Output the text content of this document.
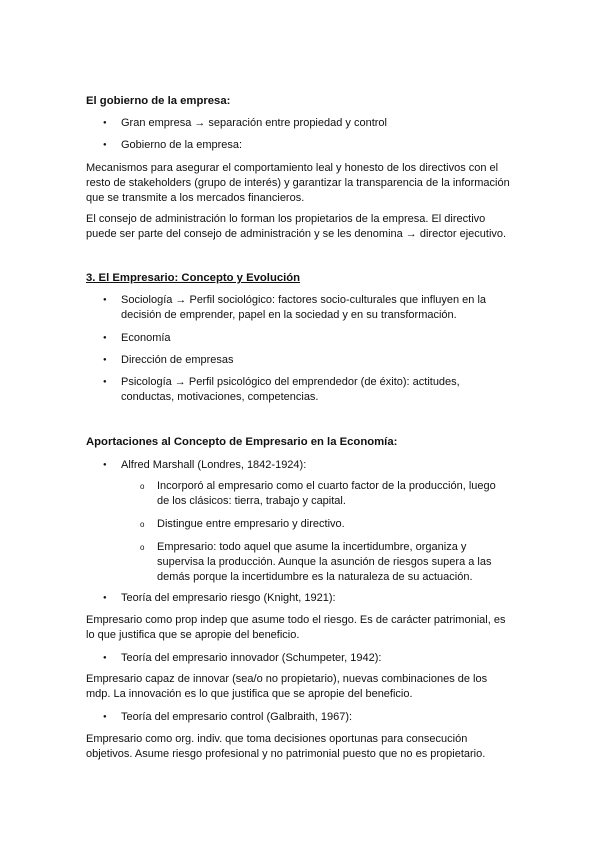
El gobierno de la empresa:
● Gran empresa → separación entre propiedad y control
● Gobierno de la empresa:
Mecanismos para asegurar el comportamiento leal y honesto de los directivos con el
resto de stakeholders (grupo de interés) y garantizar la transparencia de la información
que se transmite a los mercados financieros.
El consejo de administración lo forman los propietarios de la empresa. El directivo
puede ser parte del consejo de administración y se les denomina → director ejecutivo.
3. El Empresario: Concepto y Evolución
● Sociología → Perfil sociológico: factores socio-culturales que influyen en la
decisión de emprender, papel en la sociedad y en su transformación.
● Economía
● Dirección de empresas
● Psicología → Perfil psicológico del emprendedor (de éxito): actitudes,
conductas, motivaciones, competencias.
Aportaciones al Concepto de Empresario en la Economía:
● Alfred Marshall (Londres, 1842-1924):
o Incorporó al empresario como el cuarto factor de la producción, luego
de los clásicos: tierra, trabajo y capital.
o Distingue entre empresario y directivo.
o Empresario: todo aquel que asume la incertidumbre, organiza y
supervisa la producción. Aunque la asunción de riesgos supera a las
demás porque la incertidumbre es la naturaleza de su actuación.
● Teoría del empresario riesgo (Knight, 1921):
Empresario como prop indep que asume todo el riesgo. Es de carácter patrimonial, es
lo que justifica que se apropie del beneficio.
● Teoría del empresario innovador (Schumpeter, 1942):
Empresario capaz de innovar (sea/o no propietario), nuevas combinaciones de los
mdp. La innovación es lo que justifica que se apropie del beneficio.
● Teoría del empresario control (Galbraith, 1967):
Empresario como org. indiv. que toma decisiones oportunas para consecución
objetivos. Asume riesgo profesional y no patrimonial puesto que no es propietario.
